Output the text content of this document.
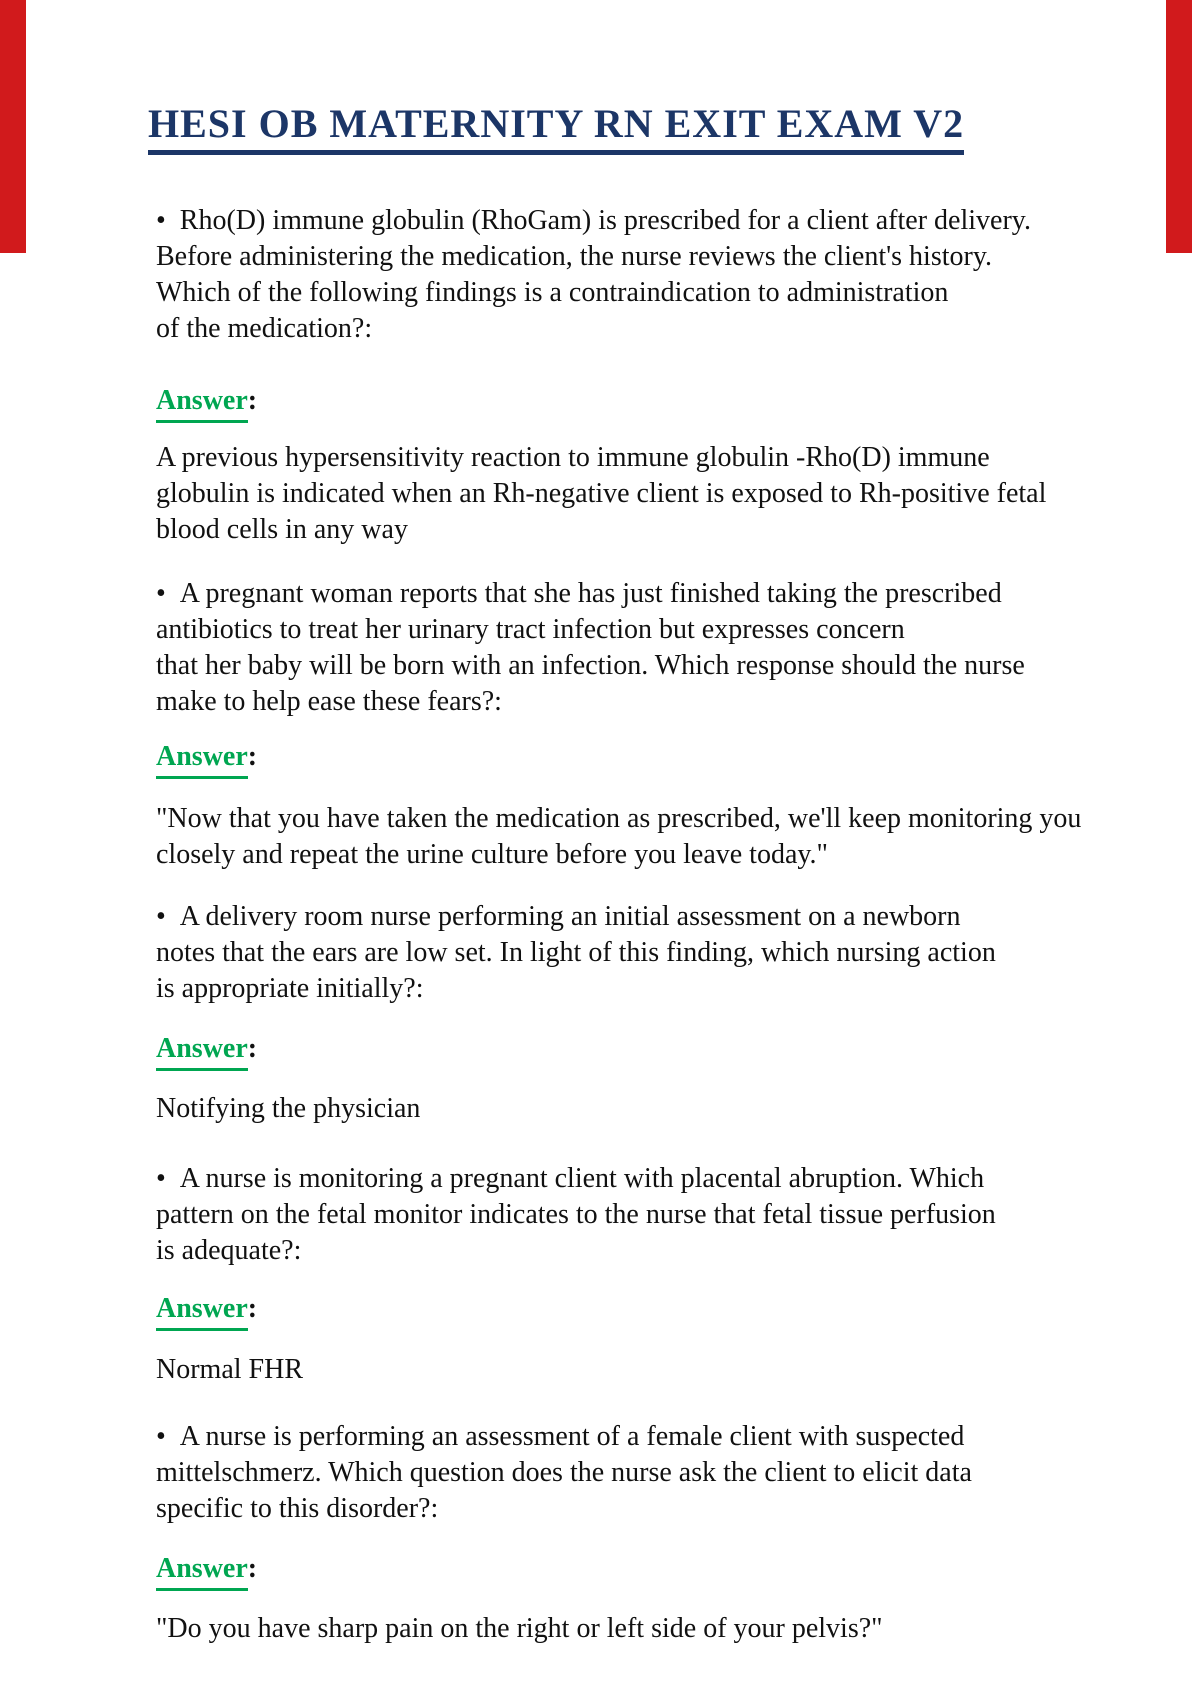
HESI OB MATERNITY RN EXIT EXAM V2
• Rho(D) immune globulin (RhoGam) is prescribed for a client after delivery.
Before administering the medication, the nurse reviews the client's history.
Which of the following findings is a contraindication to administration
of the medication?:
Answer:
A previous hypersensitivity reaction to immune globulin -Rho(D) immune
globulin is indicated when an Rh-negative client is exposed to Rh-positive fetal
blood cells in any way
• A pregnant woman reports that she has just finished taking the prescribed
antibiotics to treat her urinary tract infection but expresses concern
that her baby will be born with an infection. Which response should the nurse
make to help ease these fears?:
Answer:
"Now that you have taken the medication as prescribed, we'll keep monitoring you
closely and repeat the urine culture before you leave today."
• A delivery room nurse performing an initial assessment on a newborn
notes that the ears are low set. In light of this finding, which nursing action
is appropriate initially?:
Answer:
Notifying the physician
• A nurse is monitoring a pregnant client with placental abruption. Which
pattern on the fetal monitor indicates to the nurse that fetal tissue perfusion
is adequate?:
Answer:
Normal FHR
• A nurse is performing an assessment of a female client with suspected
mittelschmerz. Which question does the nurse ask the client to elicit data
specific to this disorder?:
Answer:
"Do you have sharp pain on the right or left side of your pelvis?"
